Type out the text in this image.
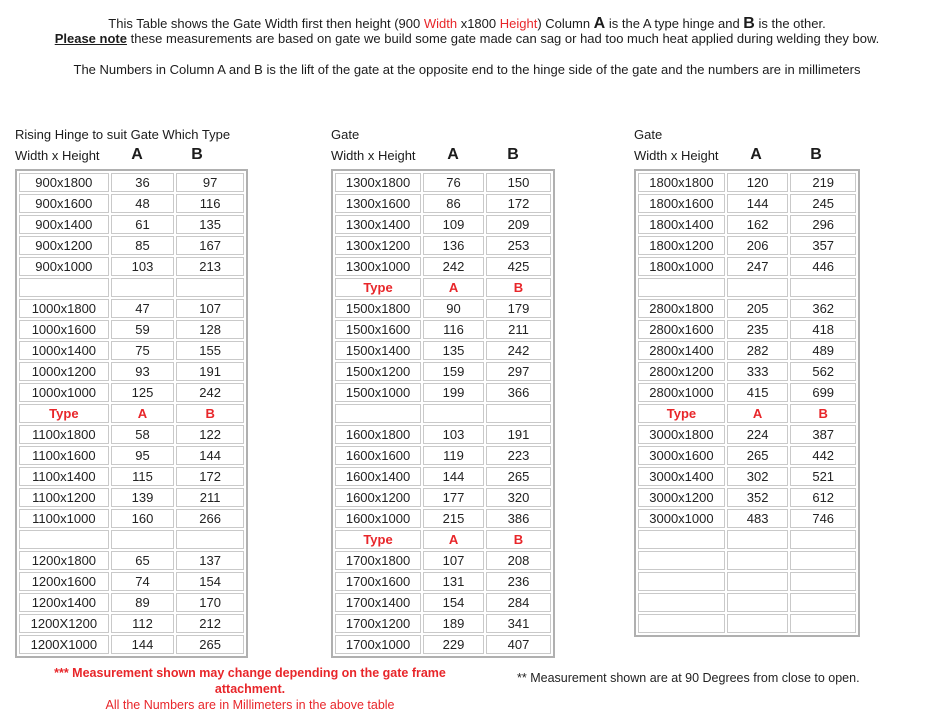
This Table shows the Gate Width first then height (900 Width x1800 Height) Column A is the A type hinge and B is the other.
Please note these measurements are based on gate we build some gate made can sag or had too much heat applied during welding they bow.
The Numbers in Column A and B is the lift of the gate at the opposite end to the hinge side of the gate and the numbers are in millimeters
Rising Hinge to suit Gate Which Type
Width x Height	A	B
900x1800	36	97
900x1600	48	116
900x1400	61	135
900x1200	85	167
900x1000	103	213

1000x1800	47	107
1000x1600	59	128
1000x1400	75	155
1000x1200	93	191
1000x1000	125	242
Type	A	B
1100x1800	58	122
1100x1600	95	144
1100x1400	115	172
1100x1200	139	211
1100x1000	160	266

1200x1800	65	137
1200x1600	74	154
1200x1400	89	170
1200X1200	112	212
1200X1000	144	265
Gate
Width x Height	A	B
1300x1800	76	150
1300x1600	86	172
1300x1400	109	209
1300x1200	136	253
1300x1000	242	425
Type	A	B
1500x1800	90	179
1500x1600	116	211
1500x1400	135	242
1500x1200	159	297
1500x1000	199	366

1600x1800	103	191
1600x1600	119	223
1600x1400	144	265
1600x1200	177	320
1600x1000	215	386
Type	A	B
1700x1800	107	208
1700x1600	131	236
1700x1400	154	284
1700x1200	189	341
1700x1000	229	407
Gate
Width x Height	A	B
1800x1800	120	219
1800x1600	144	245
1800x1400	162	296
1800x1200	206	357
1800x1000	247	446

2800x1800	205	362
2800x1600	235	418
2800x1400	282	489
2800x1200	333	562
2800x1000	415	699
Type	A	B
3000x1800	224	387
3000x1600	265	442
3000x1400	302	521
3000x1200	352	612
3000x1000	483	746

*** Measurement shown may change depending on the gate frame attachment.
All the Numbers are in Millimeters in the above table
** Measurement shown are at 90 Degrees from close to open.
